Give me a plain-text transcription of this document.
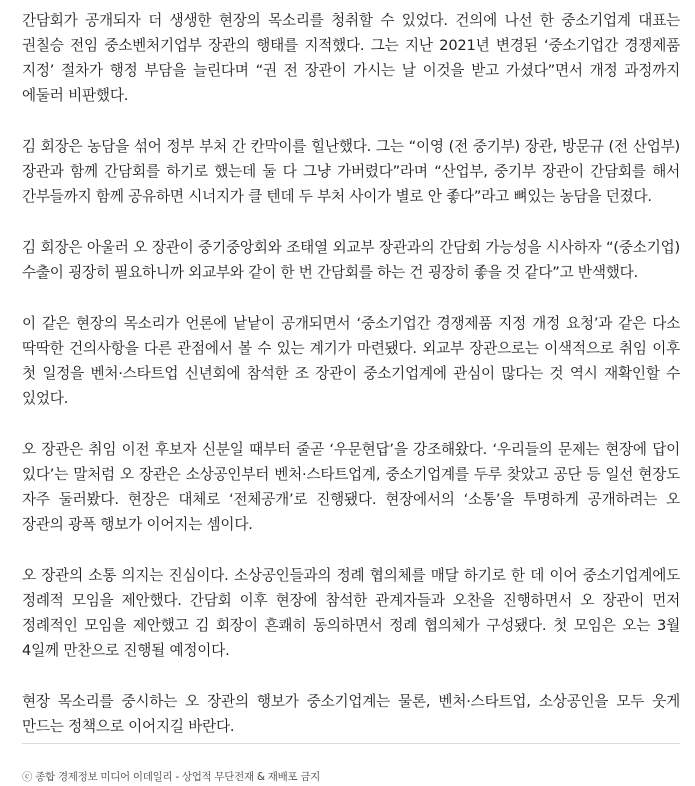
간담회가 공개되자 더 생생한 현장의 목소리를 청취할 수 있었다. 건의에 나선 한 중소기업계 대표는 권칠승 전임 중소벤처기업부 장관의 행태를 지적했다. 그는 지난 2021년 변경된 ‘중소기업간 경쟁제품 지정’ 절차가 행정 부담을 늘린다며 “권 전 장관이 가시는 날 이것을 받고 가셨다”면서 개정 과정까지 에둘러 비판했다.

김 회장은 농담을 섞어 정부 부처 간 칸막이를 힐난했다. 그는 “이영 (전 중기부) 장관, 방문규 (전 산업부) 장관과 함께 간담회를 하기로 했는데 둘 다 그냥 가버렸다”라며 “산업부, 중기부 장관이 간담회를 해서 간부들까지 함께 공유하면 시너지가 클 텐데 두 부처 사이가 별로 안 좋다”라고 뼈있는 농담을 던졌다.

김 회장은 아울러 오 장관이 중기중앙회와 조태열 외교부 장관과의 간담회 가능성을 시사하자 “(중소기업) 수출이 굉장히 필요하니까 외교부와 같이 한 번 간담회를 하는 건 굉장히 좋을 것 같다”고 반색했다.

이 같은 현장의 목소리가 언론에 낱낱이 공개되면서 ‘중소기업간 경쟁제품 지정 개정 요청’과 같은 다소 딱딱한 건의사항을 다른 관점에서 볼 수 있는 계기가 마련됐다. 외교부 장관으로는 이색적으로 취임 이후 첫 일정을 벤처·스타트업 신년회에 참석한 조 장관이 중소기업계에 관심이 많다는 것 역시 재확인할 수 있었다.

오 장관은 취임 이전 후보자 신분일 때부터 줄곧 ‘우문현답’을 강조해왔다. ‘우리들의 문제는 현장에 답이 있다’는 말처럼 오 장관은 소상공인부터 벤처·스타트업계, 중소기업계를 두루 찾았고 공단 등 일선 현장도 자주 둘러봤다. 현장은 대체로 ‘전체공개’로 진행됐다. 현장에서의 ‘소통’을 투명하게 공개하려는 오 장관의 광폭 행보가 이어지는 셈이다.

오 장관의 소통 의지는 진심이다. 소상공인들과의 정례 협의체를 매달 하기로 한 데 이어 중소기업계에도 정례적 모임을 제안했다. 간담회 이후 현장에 참석한 관계자들과 오찬을 진행하면서 오 장관이 먼저 정례적인 모임을 제안했고 김 회장이 흔쾌히 동의하면서 정례 협의체가 구성됐다. 첫 모임은 오는 3월 4일께 만찬으로 진행될 예정이다.

현장 목소리를 중시하는 오 장관의 행보가 중소기업계는 물론, 벤처·스타트업, 소상공인을 모두 웃게 만드는 정책으로 이어지길 바란다.

ⓒ 종합 경제정보 미디어 이데일리 - 상업적 무단전재 & 재배포 금지
